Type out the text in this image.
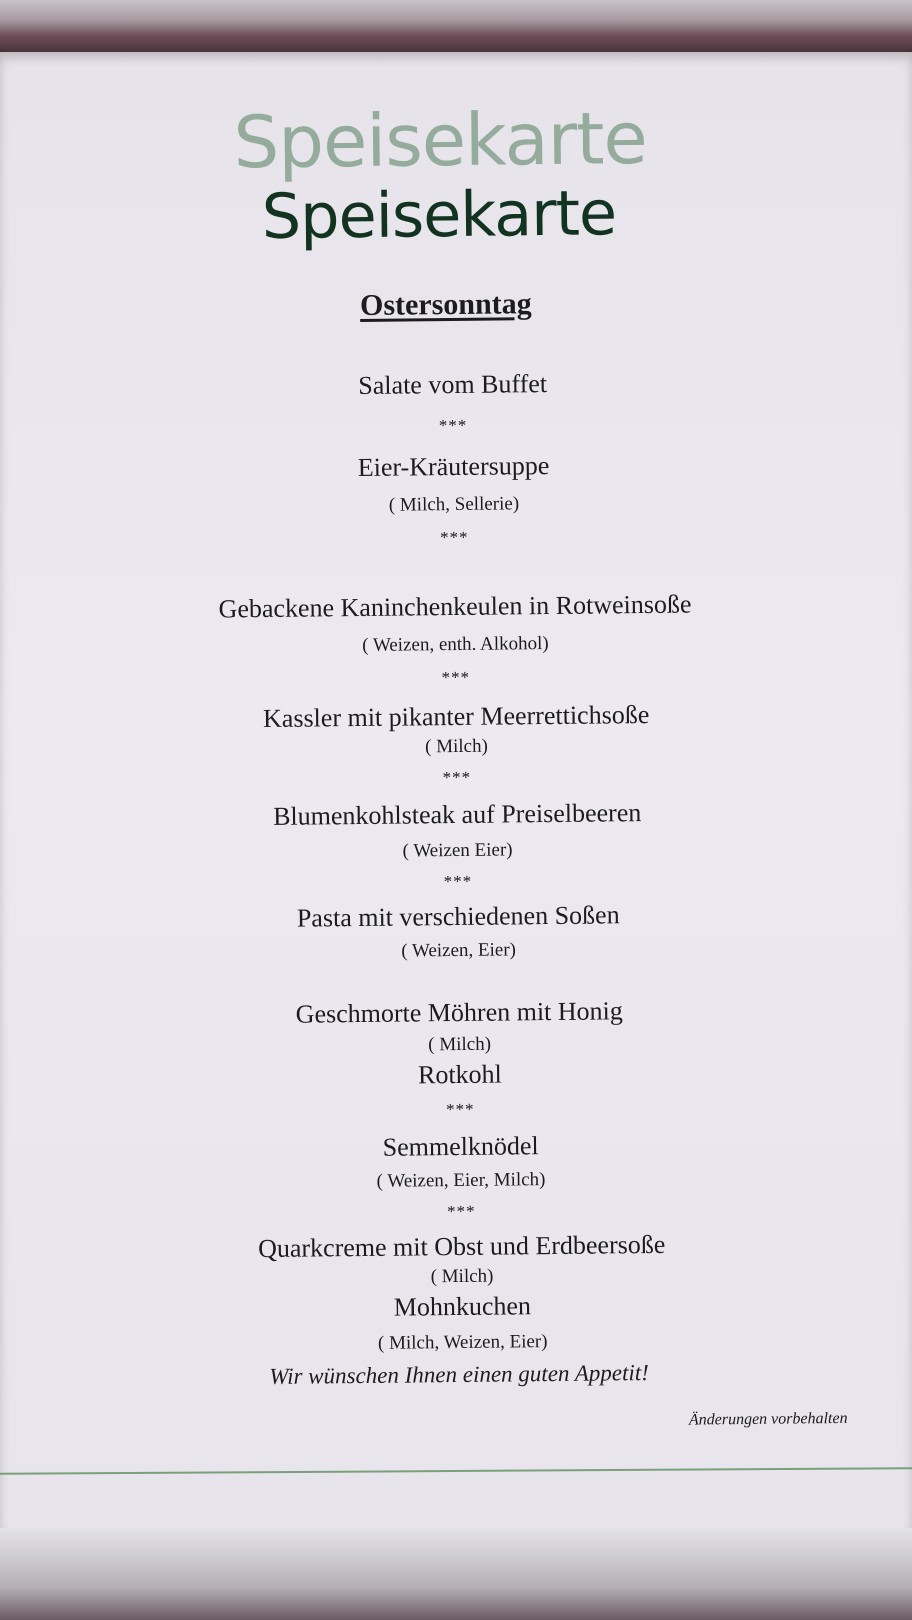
Speisekarte
Speisekarte
Ostersonntag
Salate vom Buffet
***
Eier-Kräutersuppe
( Milch, Sellerie)
***
Gebackene Kaninchenkeulen in Rotweinsoße
( Weizen, enth. Alkohol)
***
Kassler mit pikanter Meerrettichsoße
( Milch)
***
Blumenkohlsteak auf Preiselbeeren
( Weizen Eier)
***
Pasta mit verschiedenen Soßen
( Weizen, Eier)
Geschmorte Möhren mit Honig
( Milch)
Rotkohl
***
Semmelknödel
( Weizen, Eier, Milch)
***
Quarkcreme mit Obst und Erdbeersoße
( Milch)
Mohnkuchen
( Milch, Weizen, Eier)
Wir wünschen Ihnen einen guten Appetit!
Änderungen vorbehalten
